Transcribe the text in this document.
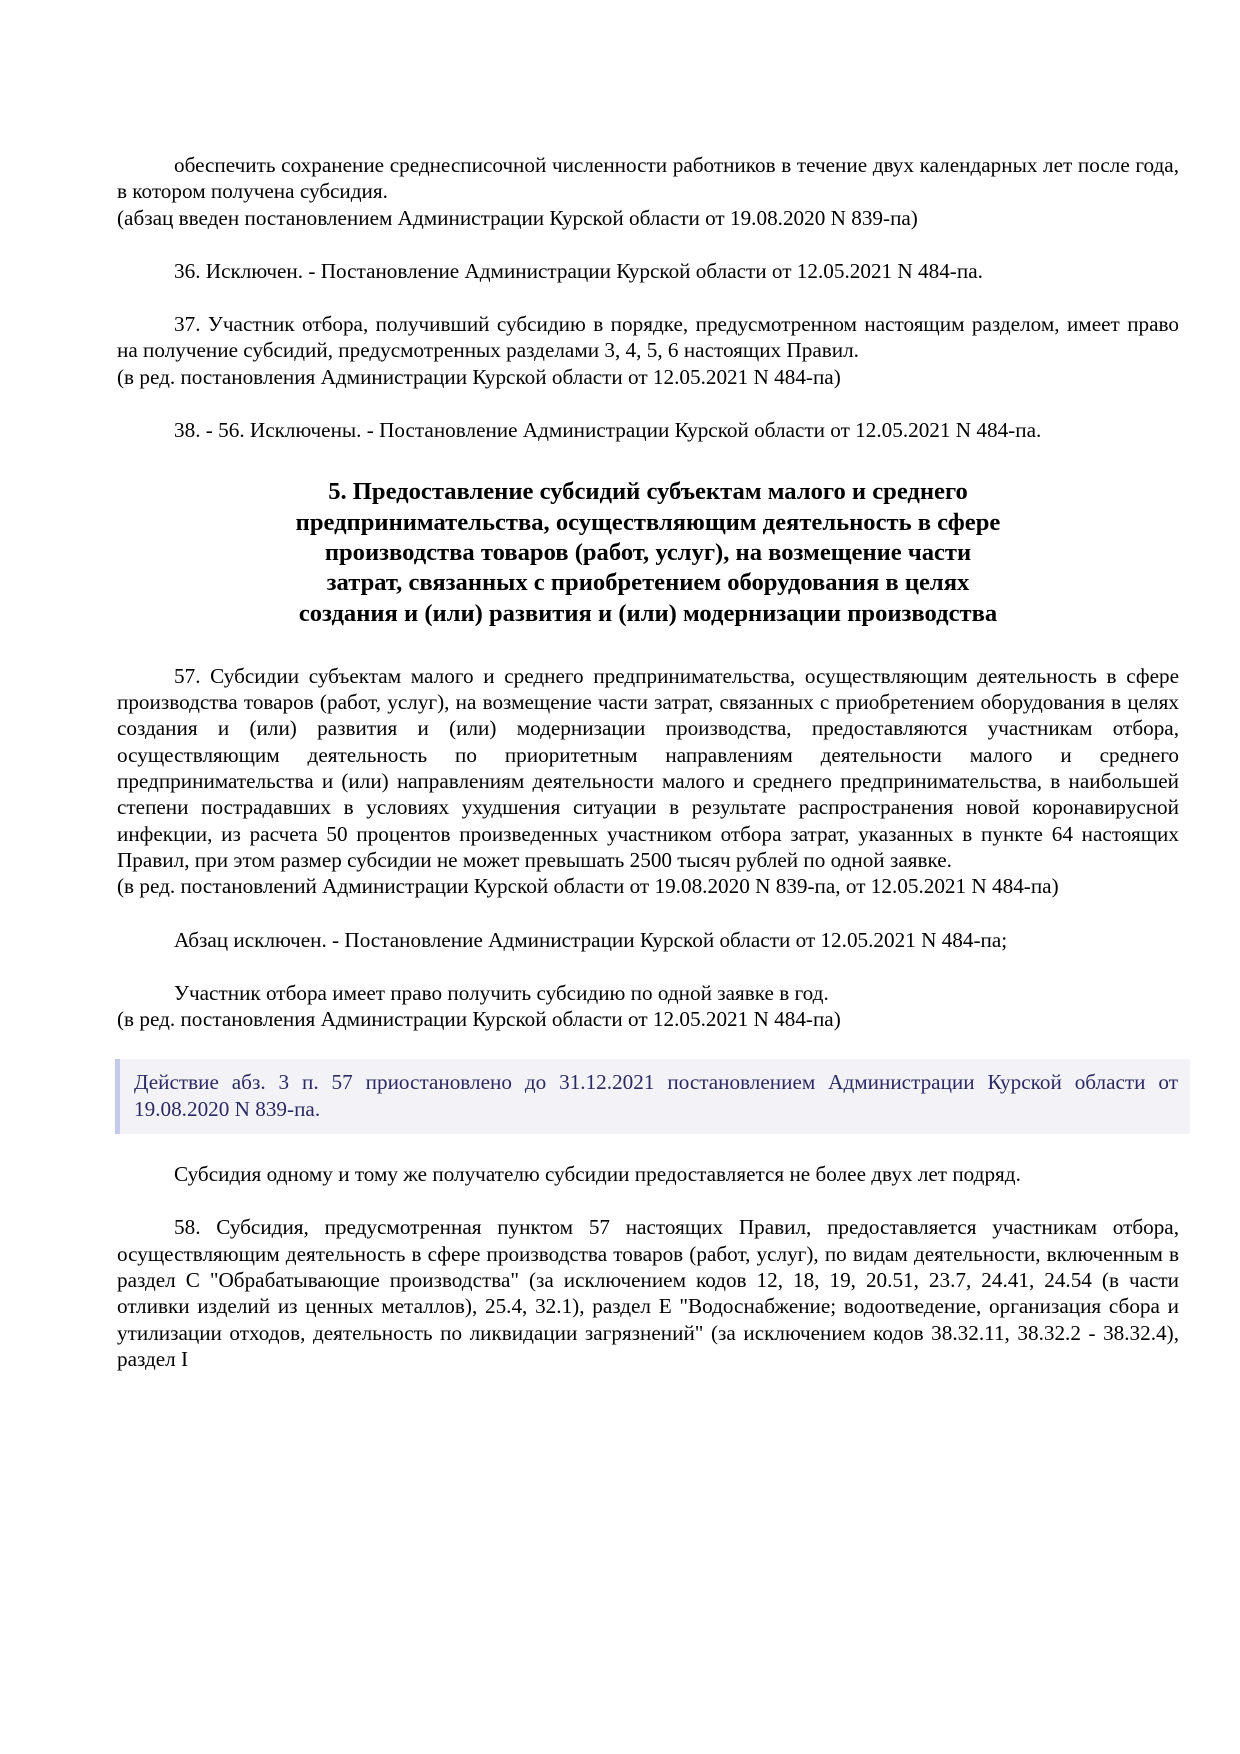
обеспечить сохранение среднесписочной численности работников в течение двух календарных лет после года, в котором получена субсидия.

(абзац введен постановлением Администрации Курской области от 19.08.2020 N 839-па)

36. Исключен. - Постановление Администрации Курской области от 12.05.2021 N 484-па.

37. Участник отбора, получивший субсидию в порядке, предусмотренном настоящим разделом, имеет право на получение субсидий, предусмотренных разделами 3, 4, 5, 6 настоящих Правил.

(в ред. постановления Администрации Курской области от 12.05.2021 N 484-па)

38. - 56. Исключены. - Постановление Администрации Курской области от 12.05.2021 N 484-па.

5. Предоставление субсидий субъектам малого и среднего
предпринимательства, осуществляющим деятельность в сфере
производства товаров (работ, услуг), на возмещение части
затрат, связанных с приобретением оборудования в целях
создания и (или) развития и (или) модернизации производства

57. Субсидии субъектам малого и среднего предпринимательства, осуществляющим деятельность в сфере производства товаров (работ, услуг), на возмещение части затрат, связанных с приобретением оборудования в целях создания и (или) развития и (или) модернизации производства, предоставляются участникам отбора, осуществляющим деятельность по приоритетным направлениям деятельности малого и среднего предпринимательства и (или) направлениям деятельности малого и среднего предпринимательства, в наибольшей степени пострадавших в условиях ухудшения ситуации в результате распространения новой коронавирусной инфекции, из расчета 50 процентов произведенных участником отбора затрат, указанных в пункте 64 настоящих Правил, при этом размер субсидии не может превышать 2500 тысяч рублей по одной заявке.

(в ред. постановлений Администрации Курской области от 19.08.2020 N 839-па, от 12.05.2021 N 484-па)

Абзац исключен. - Постановление Администрации Курской области от 12.05.2021 N 484-па;

Участник отбора имеет право получить субсидию по одной заявке в год.

(в ред. постановления Администрации Курской области от 12.05.2021 N 484-па)

Действие абз. 3 п. 57 приостановлено до 31.12.2021 постановлением Администрации Курской области от 19.08.2020 N 839-па.

Субсидия одному и тому же получателю субсидии предоставляется не более двух лет подряд.

58. Субсидия, предусмотренная пунктом 57 настоящих Правил, предоставляется участникам отбора, осуществляющим деятельность в сфере производства товаров (работ, услуг), по видам деятельности, включенным в раздел C "Обрабатывающие производства" (за исключением кодов 12, 18, 19, 20.51, 23.7, 24.41, 24.54 (в части отливки изделий из ценных металлов), 25.4, 32.1), раздел E "Водоснабжение; водоотведение, организация сбора и утилизации отходов, деятельность по ликвидации загрязнений" (за исключением кодов 38.32.11, 38.32.2 - 38.32.4), раздел I
